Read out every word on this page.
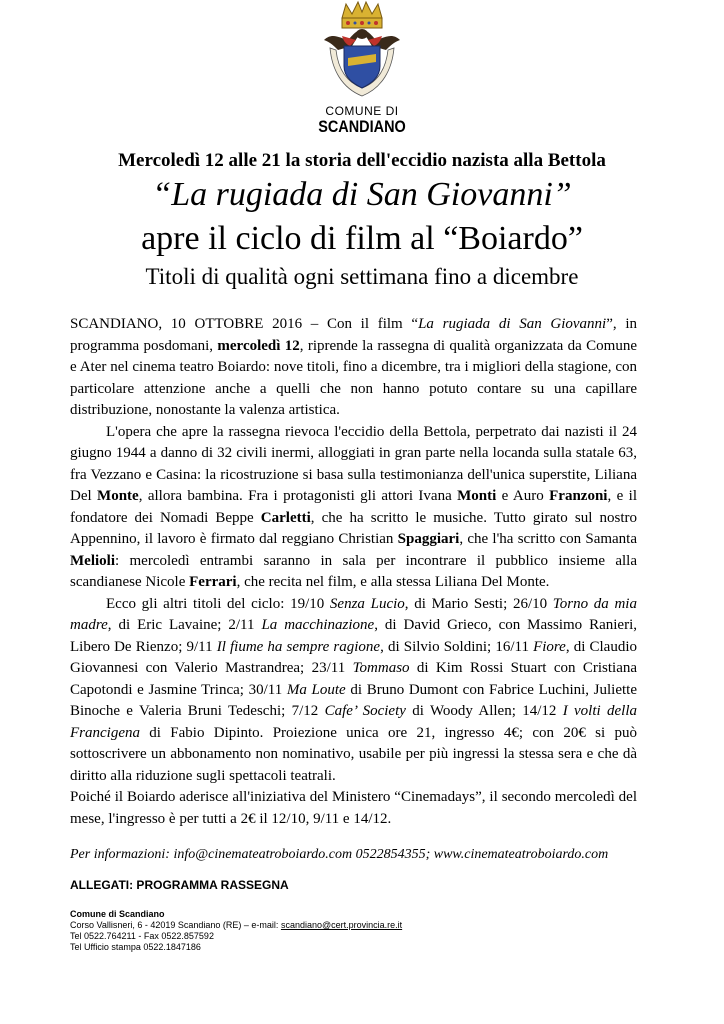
COMUNE DI
SCANDIANO
Mercoledì 12 alle 21 la storia dell'eccidio nazista alla Bettola
“La rugiada di San Giovanni”
apre il ciclo di film al “Boiardo”
Titoli di qualità ogni settimana fino a dicembre

SCANDIANO, 10 OTTOBRE 2016 – Con il film “La rugiada di San Giovanni”, in programma posdomani, mercoledì 12, riprende la rassegna di qualità organizzata da Comune e Ater nel cinema teatro Boiardo: nove titoli, fino a dicembre, tra i migliori della stagione, con particolare attenzione anche a quelli che non hanno potuto contare su una capillare distribuzione, nonostante la valenza artistica.

L'opera che apre la rassegna rievoca l'eccidio della Bettola, perpetrato dai nazisti il 24 giugno 1944 a danno di 32 civili inermi, alloggiati in gran parte nella locanda sulla statale 63, fra Vezzano e Casina: la ricostruzione si basa sulla testimonianza dell'unica superstite, Liliana Del Monte, allora bambina. Fra i protagonisti gli attori Ivana Monti e Auro Franzoni, e il fondatore dei Nomadi Beppe Carletti, che ha scritto le musiche. Tutto girato sul nostro Appennino, il lavoro è firmato dal reggiano Christian Spaggiari, che l'ha scritto con Samanta Melioli: mercoledì entrambi saranno in sala per incontrare il pubblico insieme alla scandianese Nicole Ferrari, che recita nel film, e alla stessa Liliana Del Monte.

Ecco gli altri titoli del ciclo: 19/10 Senza Lucio, di Mario Sesti; 26/10 Torno da mia madre, di Eric Lavaine; 2/11 La macchinazione, di David Grieco, con Massimo Ranieri, Libero De Rienzo; 9/11 Il fiume ha sempre ragione, di Silvio Soldini; 16/11 Fiore, di Claudio Giovannesi con Valerio Mastrandrea; 23/11 Tommaso di Kim Rossi Stuart con Cristiana Capotondi e Jasmine Trinca; 30/11 Ma Loute di Bruno Dumont con Fabrice Luchini, Juliette Binoche e Valeria Bruni Tedeschi; 7/12 Cafe’ Society di Woody Allen; 14/12 I volti della Francigena di Fabio Dipinto. Proiezione unica ore 21, ingresso 4€; con 20€ si può sottoscrivere un abbonamento non nominativo, usabile per più ingressi la stessa sera e che dà diritto alla riduzione sugli spettacoli teatrali.

Poiché il Boiardo aderisce all'iniziativa del Ministero “Cinemadays”, il secondo mercoledì del mese, l'ingresso è per tutti a 2€ il 12/10, 9/11 e 14/12.

Per informazioni: info@cinemateatroboiardo.com 0522854355; www.cinemateatroboiardo.com
ALLEGATI: PROGRAMMA RASSEGNA
Comune di Scandiano
Corso Vallisneri, 6 - 42019 Scandiano (RE) – e-mail: scandiano@cert.provincia.re.it
Tel 0522.764211 - Fax 0522.857592
Tel Ufficio stampa 0522.1847186
